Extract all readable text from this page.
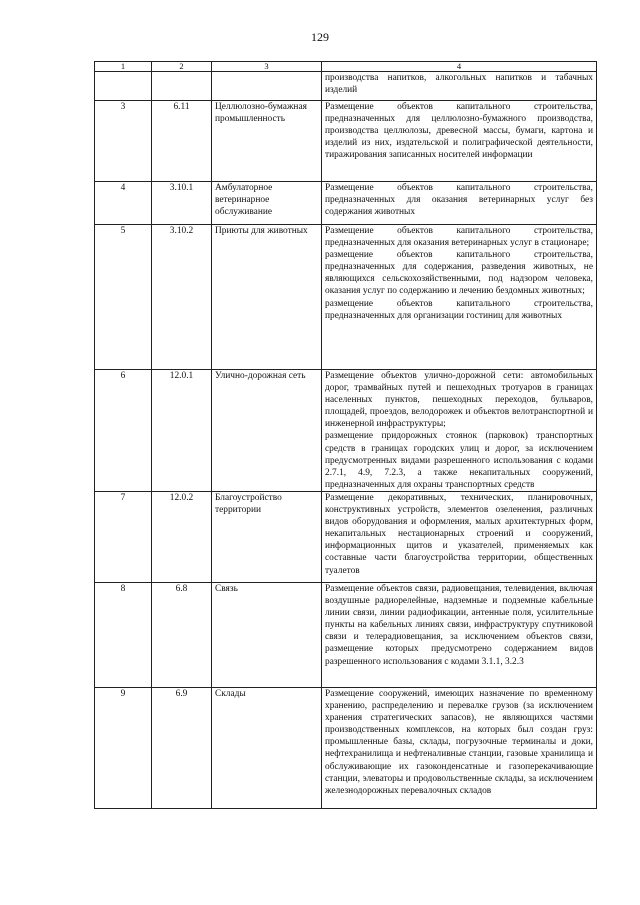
129
1	2	3	4

			производства напитков, алкогольных напитков и табачных изделий

3	6.11	Целлюлозно-бумажная промышленность	Размещение объектов капитального строительства, предназначенных для целлюлозно-бумажного производства, производства целлюлозы, древесной массы, бумаги, картона и изделий из них, издательской и полиграфической деятельности, тиражирования записанных носителей информации

4	3.10.1	Амбулаторное ветеринарное обслуживание	Размещение объектов капитального строительства, предназначенных для оказания ветеринарных услуг без содержания животных

5	3.10.2	Приюты для животных	Размещение объектов капитального строительства, предназначенных для оказания ветеринарных услуг в стационаре;
размещение объектов капитального строительства, предназначенных для содержания, разведения животных, не являющихся сельскохозяйственными, под надзором человека, оказания услуг по содержанию и лечению бездомных животных;
размещение объектов капитального строительства, предназначенных для организации гостиниц для животных

6	12.0.1	Улично-дорожная сеть	Размещение объектов улично-дорожной сети: автомобильных дорог, трамвайных путей и пешеходных тротуаров в границах населенных пунктов, пешеходных переходов, бульваров, площадей, проездов, велодорожек и объектов велотранспортной и инженерной инфраструктуры;
размещение придорожных стоянок (парковок) транспортных средств в границах городских улиц и дорог, за исключением предусмотренных видами разрешенного использования с кодами 2.7.1, 4.9, 7.2.3, а также некапитальных сооружений, предназначенных для охраны транспортных средств

7	12.0.2	Благоустройство территории	Размещение декоративных, технических, планировочных, конструктивных устройств, элементов озеленения, различных видов оборудования и оформления, малых архитектурных форм, некапитальных нестационарных строений и сооружений, информационных щитов и указателей, применяемых как составные части благоустройства территории, общественных туалетов

8	6.8	Связь	Размещение объектов связи, радиовещания, телевидения, включая воздушные радиорелейные, надземные и подземные кабельные линии связи, линии радиофикации, антенные поля, усилительные пункты на кабельных линиях связи, инфраструктуру спутниковой связи и телерадиовещания, за исключением объектов связи, размещение которых предусмотрено содержанием видов разрешенного использования с кодами 3.1.1, 3.2.3

9	6.9	Склады	Размещение сооружений, имеющих назначение по временному хранению, распределению и перевалке грузов (за исключением хранения стратегических запасов), не являющихся частями производственных комплексов, на которых был создан груз: промышленные базы, склады, погрузочные терминалы и доки, нефтехранилища и нефтеналивные станции, газовые хранилища и обслуживающие их газоконденсатные и газоперекачивающие станции, элеваторы и продовольственные склады, за исключением железнодорожных перевалочных складов
